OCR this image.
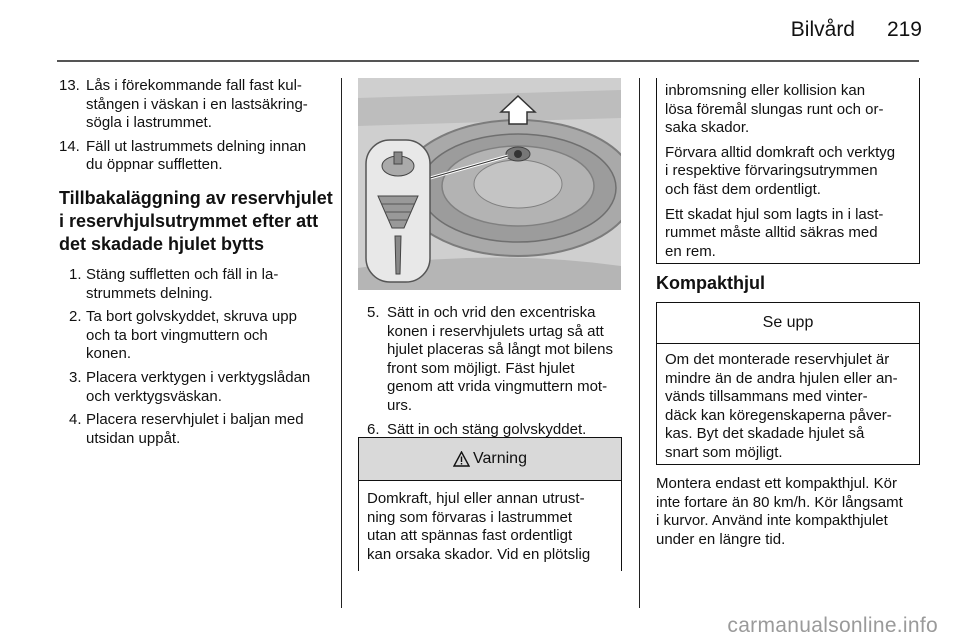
Bilvård	219
13. Lås i förekommande fall fast kul-
stången i väskan i en lastsäkring-
sögla i lastrummet.
14. Fäll ut lastrummets delning innan
du öppnar suffletten.
Tillbakaläggning av reservhjulet
i reservhjulsutrymmet efter att
det skadade hjulet bytts
1. Stäng suffletten och fäll in la-
strummets delning.
2. Ta bort golvskyddet, skruva upp
och ta bort vingmuttern och
konen.
3. Placera verktygen i verktygslådan
och verktygsväskan.
4. Placera reservhjulet i baljan med
utsidan uppåt.
5. Sätt in och vrid den excentriska
konen i reservhjulets urtag så att
hjulet placeras så långt mot bilens
front som möjligt. Fäst hjulet
genom att vrida vingmuttern mot-
urs.
6. Sätt in och stäng golvskyddet.
Varning
Domkraft, hjul eller annan utrust-
ning som förvaras i lastrummet
utan att spännas fast ordentligt
kan orsaka skador. Vid en plötslig
inbromsning eller kollision kan
lösa föremål slungas runt och or-
saka skador.
Förvara alltid domkraft och verktyg
i respektive förvaringsutrymmen
och fäst dem ordentligt.
Ett skadat hjul som lagts in i last-
rummet måste alltid säkras med
en rem.
Kompakthjul
Se upp
Om det monterade reservhjulet är
mindre än de andra hjulen eller an-
vänds tillsammans med vinter-
däck kan köregenskaperna påver-
kas. Byt det skadade hjulet så
snart som möjligt.
Montera endast ett kompakthjul. Kör
inte fortare än 80 km/h. Kör långsamt
i kurvor. Använd inte kompakthjulet
under en längre tid.
carmanualsonline.info
